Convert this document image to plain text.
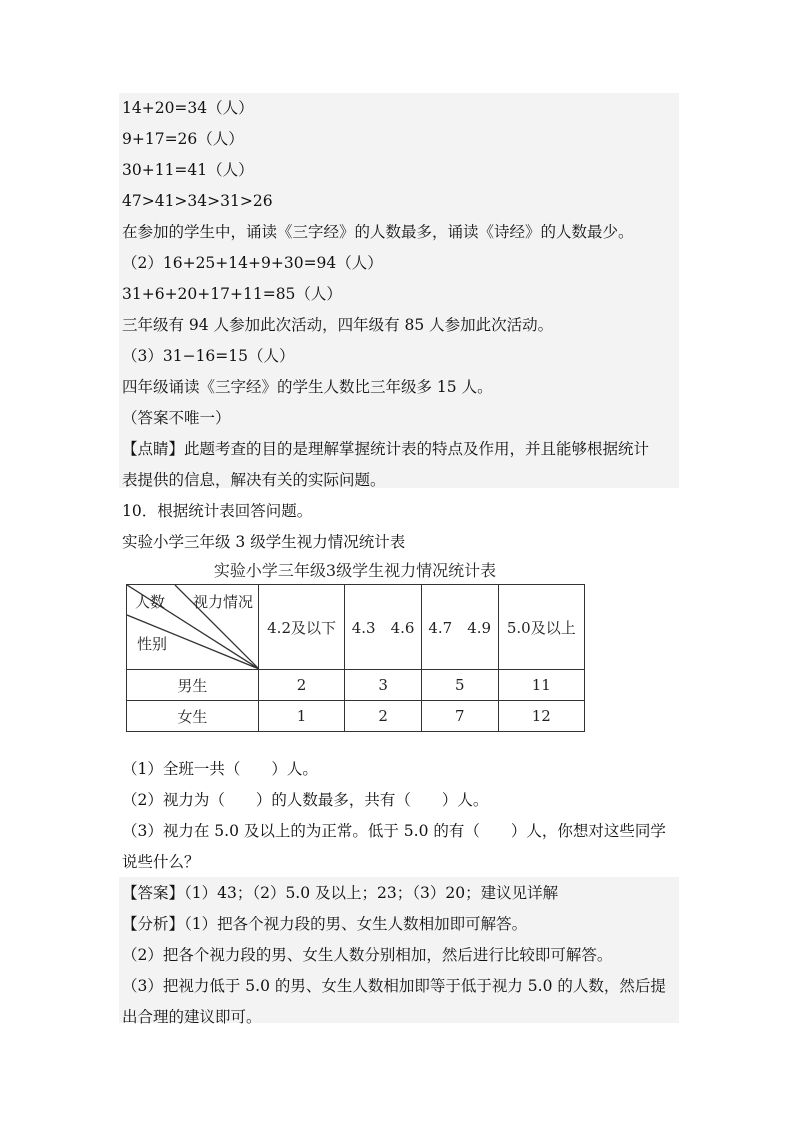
14+20=34（人）
9+17=26（人）
30+11=41（人）
47>41>34>31>26
在参加的学生中，诵读《三字经》的人数最多，诵读《诗经》的人数最少。
（2）16+25+14+9+30=94（人）
31+6+20+17+11=85（人）
三年级有 94 人参加此次活动，四年级有 85 人参加此次活动。
（3）31−16=15（人）
四年级诵读《三字经》的学生人数比三年级多 15 人。
（答案不唯一）
【点睛】此题考查的目的是理解掌握统计表的特点及作用，并且能够根据统计
表提供的信息，解决有关的实际问题。
10．根据统计表回答问题。
实验小学三年级 3 级学生视力情况统计表
实验小学三年级3级学生视力情况统计表
人数 视力情况
性别	4.2及以下	4.3　4.6	4.7　4.9	5.0及以上
男生	2	3	5	11
女生	1	2	7	12
（1）全班一共（　　）人。
（2）视力为（　　）的人数最多，共有（　　）人。
（3）视力在 5.0 及以上的为正常。低于 5.0 的有（　　）人，你想对这些同学
说些什么？
【答案】（1）43；（2）5.0 及以上；23；（3）20；建议见详解
【分析】（1）把各个视力段的男、女生人数相加即可解答。
（2）把各个视力段的男、女生人数分别相加，然后进行比较即可解答。
（3）把视力低于 5.0 的男、女生人数相加即等于低于视力 5.0 的人数，然后提
出合理的建议即可。
